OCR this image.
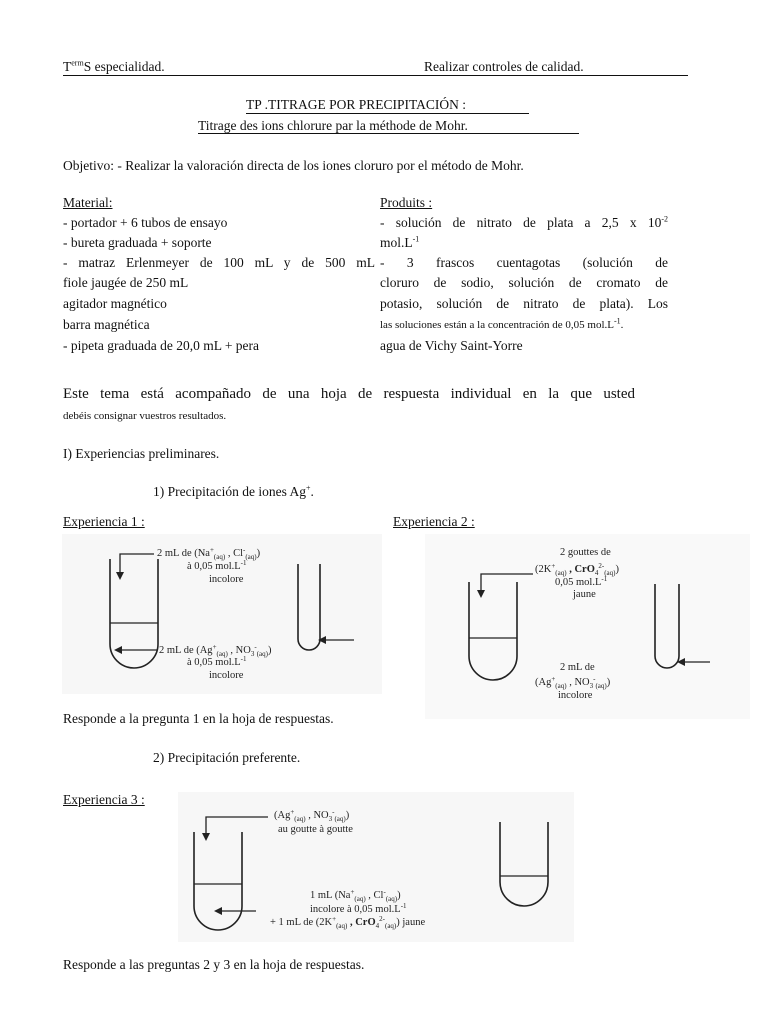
$T^{erm}S$ especialidad.	Realizar controles de calidad.
TP .TITRAGE POR PRECIPITACIÓN :
Titrage des ions chlorure par la méthode de Mohr.
Objetivo: - Realizar la valoración directa de los iones cloruro por el método de Mohr.
Material:
- portador + 6 tubos de ensayo
- bureta graduada + soporte
- matraz Erlenmeyer de 100 mL y de 500 mL
fiole jaugée de 250 mL
agitador magnético
barra magnética
- pipeta graduada de 20,0 mL + pera
Produits :
- solución de nitrato de plata a 2,5 x $10^{-2}$
$mol.L^{-1}$
- 3 frascos cuentagotas (solución de
cloruro de sodio, solución de cromato de
potasio, solución de nitrato de plata). Los
las soluciones están a la concentración de 0,05 $mol.L^{-1}$.
agua de Vichy Saint-Yorre
Este tema está acompañado de una hoja de respuesta individual en la que usted
debéis consignar vuestros resultados.
I) Experiencias preliminares.
1) Precipitación de iones Ag+.
Experiencia 1 :	Experiencia 2 :
2 mL de ($Na^+_{(aq)}$ , $Cl^-_{(aq)}$)
à 0,05 $mol.L^{-1}$
incolore
2 mL de ($Ag^+_{(aq)}$ , $NO_3^-_{(aq)}$)
à 0,05 $mol.L^{-1}$
incolore
2 gouttes de
($2K^+_{(aq)}$ , CrO$_4^{2-}_{(aq)}$)
0,05 $mol.L^{-1}$
jaune
2 mL de
($Ag^+_{(aq)}$ , $NO_3^-_{(aq)}$)
incolore
Responde a la pregunta 1 en la hoja de respuestas.
2) Precipitación preferente.
Experiencia 3 :
($Ag^+_{(aq)}$ , $NO_3^-_{(aq)}$)
au goutte à goutte
1 mL ($Na^+_{(aq)}$ , $Cl^-_{(aq)}$)
incolore à 0,05 $mol.L^{-1}$
+ 1 mL de ($2K^+_{(aq)}$ , CrO$_4^{2-}_{(aq)}$) jaune
Responde a las preguntas 2 y 3 en la hoja de respuestas.
